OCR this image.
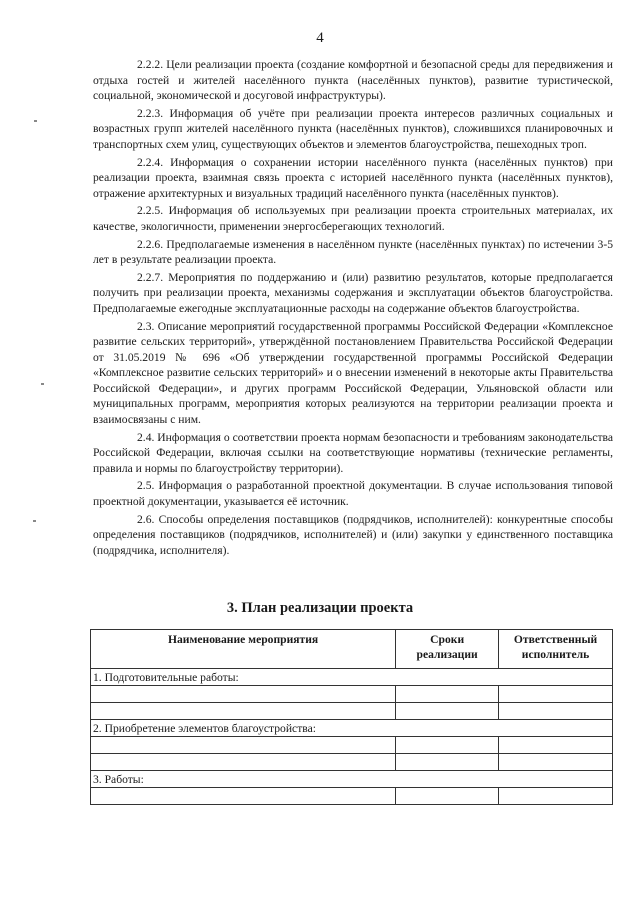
4

2.2.2. Цели реализации проекта (создание комфортной и безопасной среды для передвижения и отдыха гостей и жителей населённого пункта (населённых пунктов), развитие туристической, социальной, экономической и досуговой инфраструктуры).

2.2.3. Информация об учёте при реализации проекта интересов различных социальных и возрастных групп жителей населённого пункта (населённых пунктов), сложившихся планировочных и транспортных схем улиц, существующих объектов и элементов благоустройства, пешеходных троп.

2.2.4. Информация о сохранении истории населённого пункта (населённых пунктов) при реализации проекта, взаимная связь проекта с историей населённого пункта (населённых пунктов), отражение архитектурных и визуальных традиций населённого пункта (населённых пунктов).

2.2.5. Информация об используемых при реализации проекта строительных материалах, их качестве, экологичности, применении энергосберегающих технологий.

2.2.6. Предполагаемые изменения в населённом пункте (населённых пунктах) по истечении 3-5 лет в результате реализации проекта.

2.2.7. Мероприятия по поддержанию и (или) развитию результатов, которые предполагается получить при реализации проекта, механизмы содержания и эксплуатации объектов благоустройства. Предполагаемые ежегодные эксплуатационные расходы на содержание объектов благоустройства.

2.3. Описание мероприятий государственной программы Российской Федерации «Комплексное развитие сельских территорий», утверждённой постановлением Правительства Российской Федерации от 31.05.2019 № 696 «Об утверждении государственной программы Российской Федерации «Комплексное развитие сельских территорий» и о внесении изменений в некоторые акты Правительства Российской Федерации», и других программ Российской Федерации, Ульяновской области или муниципальных программ, мероприятия которых реализуются на территории реализации проекта и взаимосвязаны с ним.

2.4. Информация о соответствии проекта нормам безопасности и требованиям законодательства Российской Федерации, включая ссылки на соответствующие нормативы (технические регламенты, правила и нормы по благоустройству территории).

2.5. Информация о разработанной проектной документации. В случае использования типовой проектной документации, указывается её источник.

2.6. Способы определения поставщиков (подрядчиков, исполнителей): конкурентные способы определения поставщиков (подрядчиков, исполнителей) и (или) закупки у единственного поставщика (подрядчика, исполнителя).

3. План реализации проекта
Наименование мероприятия	Сроки реализации	Ответственный исполнитель
1. Подготовительные работы:		

2. Приобретение элементов благоустройства:		

3. Работы:		
